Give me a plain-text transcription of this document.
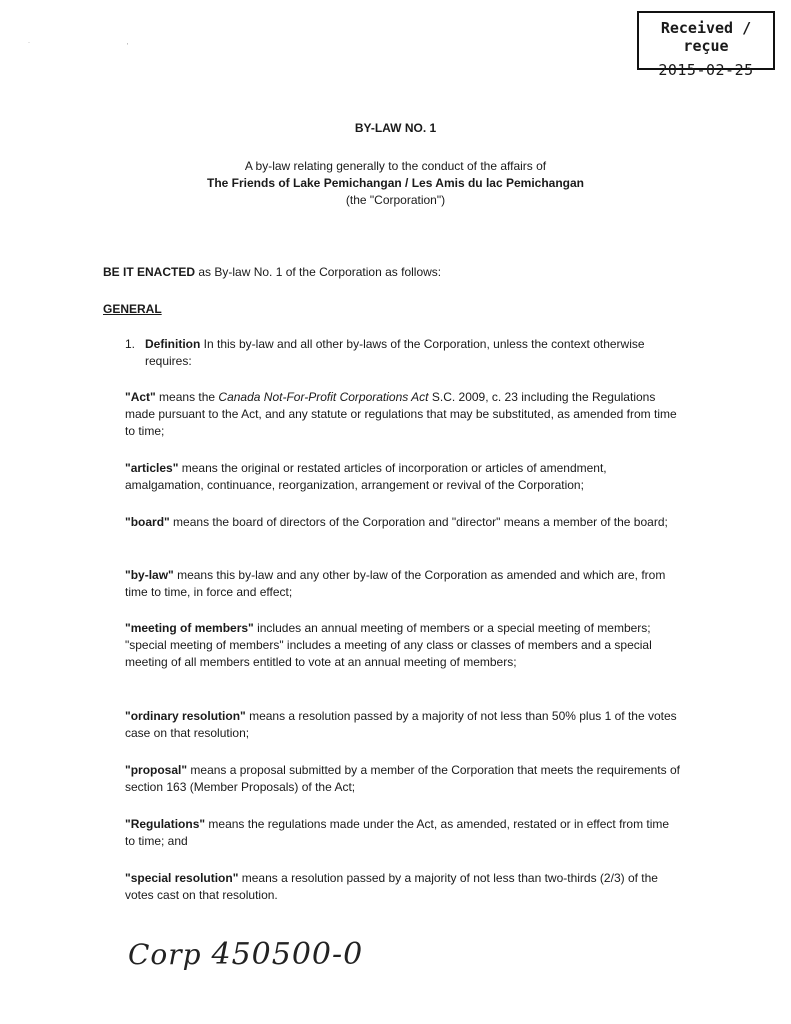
·                                                          ,
Received / reçue
2015-02-25
BY-LAW NO. 1
A by-law relating generally to the conduct of the affairs of
The Friends of Lake Pemichangan / Les Amis du lac Pemichangan
(the "Corporation")
BE IT ENACTED as By-law No. 1 of the Corporation as follows:
GENERAL
1. Definition In this by-law and all other by-laws of the Corporation, unless the context otherwise requires:
"Act" means the Canada Not-For-Profit Corporations Act S.C. 2009, c. 23 including the Regulations made pursuant to the Act, and any statute or regulations that may be substituted, as amended from time to time;
"articles" means the original or restated articles of incorporation or articles of amendment, amalgamation, continuance, reorganization, arrangement or revival of the Corporation;
"board" means the board of directors of the Corporation and "director" means a member of the board;
"by-law" means this by-law and any other by-law of the Corporation as amended and which are, from time to time, in force and effect;
"meeting of members" includes an annual meeting of members or a special meeting of members; "special meeting of members" includes a meeting of any class or classes of members and a special meeting of all members entitled to vote at an annual meeting of members;
"ordinary resolution" means a resolution passed by a majority of not less than 50% plus 1 of the votes case on that resolution;
"proposal" means a proposal submitted by a member of the Corporation that meets the requirements of section 163 (Member Proposals) of the Act;
"Regulations" means the regulations made under the Act, as amended, restated or in effect from time to time; and
"special resolution" means a resolution passed by a majority of not less than two-thirds (2/3) of the votes cast on that resolution.
Corp 450500-0
